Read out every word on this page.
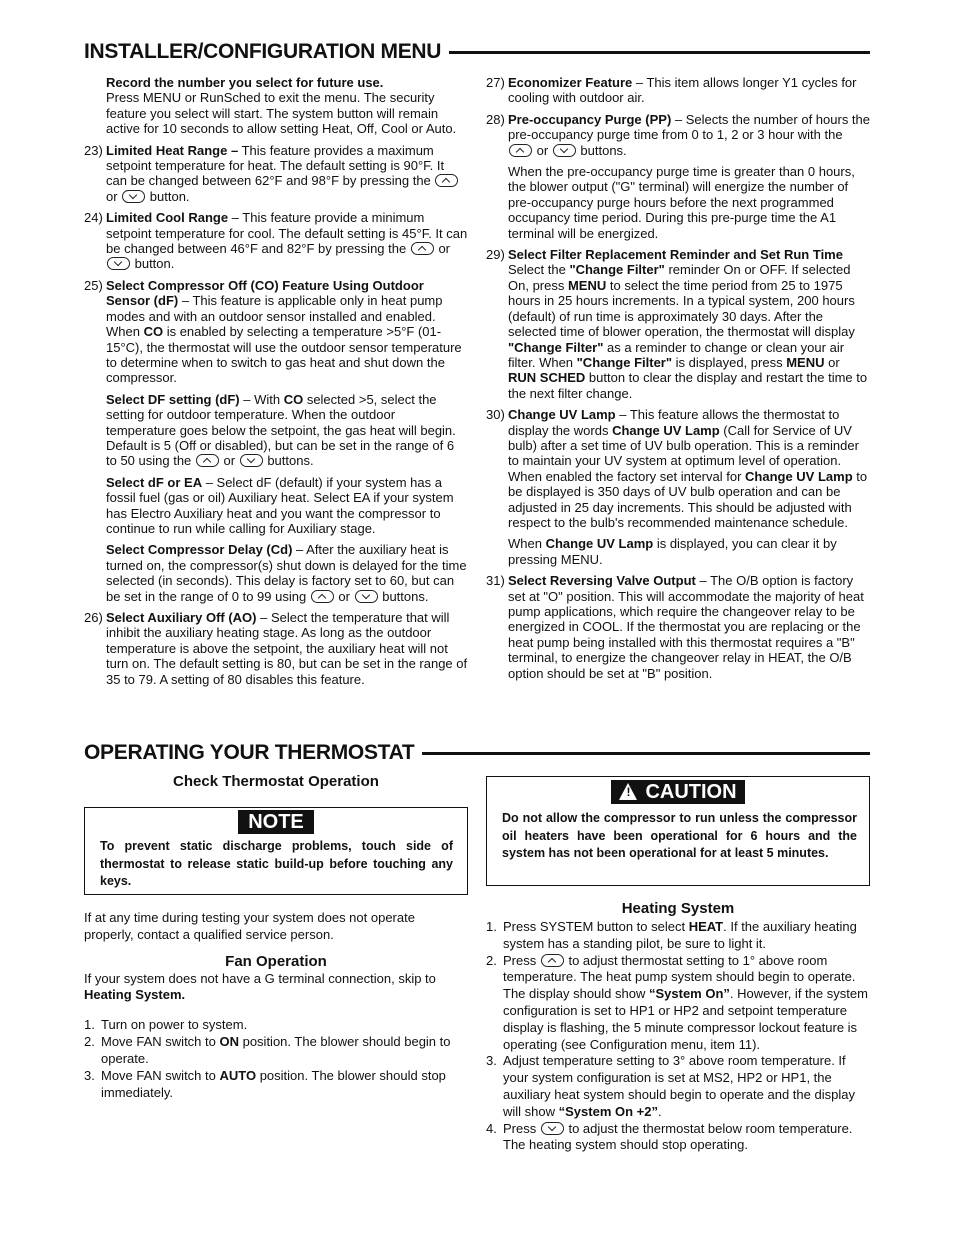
INSTALLER/CONFIGURATION MENU

Record the number you select for future use.

Press MENU or RunSched to exit the menu. The security feature you select will start. The system button will remain active for 10 seconds to allow setting Heat, Off, Cool or Auto.

23) Limited Heat Range – This feature provides a maximum setpoint temperature for heat. The default setting is 90°F. It can be changed between 62°F and 98°F by pressing the  or  button.

24) Limited Cool Range – This feature provide a minimum setpoint temperature for cool. The default setting is 45°F. It can be changed between 46°F and 82°F by pressing the  or  button.

25) Select Compressor Off (CO) Feature Using Outdoor Sensor (dF) – This feature is applicable only in heat pump modes and with an outdoor sensor installed and enabled. When CO is enabled by selecting a temperature >5°F (01-15°C), the thermostat will use the outdoor sensor temperature to determine when to switch to gas heat and shut down the compressor.

Select DF setting (dF) – With CO selected >5, select the setting for outdoor temperature. When the outdoor temperature goes below the setpoint, the gas heat will begin. Default is 5 (Off or disabled), but can be set in the range of 6 to 50 using the  or  buttons.

Select dF or EA – Select dF (default) if your system has a fossil fuel (gas or oil) Auxiliary heat. Select EA if your system has Electro Auxiliary heat and you want the compressor to continue to run while calling for Auxiliary stage.

Select Compressor Delay (Cd) – After the auxiliary heat is turned on, the compressor(s) shut down is delayed for the time selected (in seconds). This delay is factory set to 60, but can be set in the range of 0 to 99 using  or  buttons.

26) Select Auxiliary Off (AO) – Select the temperature that will inhibit the auxiliary heating stage. As long as the outdoor temperature is above the setpoint, the auxiliary heat will not turn on. The default setting is 80, but can be set in the range of 35 to 79. A setting of 80 disables this feature.

27) Economizer Feature – This item allows longer Y1 cycles for cooling with outdoor air.

28) Pre-occupancy Purge (PP) – Selects the number of hours the pre-occupancy purge time from 0 to 1, 2 or 3 hour with the  or  buttons.

When the pre-occupancy purge time is greater than 0 hours, the blower output ("G" terminal) will energize the number of pre-occupancy purge hours before the next programmed occupancy time period. During this pre-purge time the A1 terminal will be energized.

29) Select Filter Replacement Reminder and Set Run Time Select the "Change Filter" reminder On or OFF. If selected On, press MENU to select the time period from 25 to 1975 hours in 25 hours increments. In a typical system, 200 hours (default) of run time is approximately 30 days. After the selected time of blower operation, the thermostat will display "Change Filter" as a reminder to change or clean your air filter. When "Change Filter" is displayed, press MENU or RUN SCHED button to clear the display and restart the time to the next filter change.

30) Change UV Lamp – This feature allows the thermostat to display the words Change UV Lamp (Call for Service of UV bulb) after a set time of UV bulb operation. This is a reminder to maintain your UV system at optimum level of operation. When enabled the factory set interval for Change UV Lamp to be displayed is 350 days of UV bulb operation and can be adjusted in 25 day increments. This should be adjusted with respect to the bulb's recommended maintenance schedule.

When Change UV Lamp is displayed, you can clear it by pressing MENU.

31) Select Reversing Valve Output – The O/B option is factory set at "O" position. This will accommodate the majority of heat pump applications, which require the changeover relay to be energized in COOL. If the thermostat you are replacing or the heat pump being installed with this thermostat requires a "B" terminal, to energize the changeover relay in HEAT, the O/B option should be set at "B" position.

OPERATING YOUR THERMOSTAT
Check Thermostat Operation
NOTE
To prevent static discharge problems, touch side of thermostat to release static build-up before touching any keys.

If at any time during testing your system does not operate properly, contact a qualified service person.

Fan Operation

If your system does not have a G terminal connection, skip to Heating System.

1. Turn on power to system.
2. Move FAN switch to ON position. The blower should begin to operate.
3. Move FAN switch to AUTO position. The blower should stop immediately.
! CAUTION
Do not allow the compressor to run unless the compressor oil heaters have been operational for 6 hours and the system has not been operational for at least 5 minutes.
Heating System
1. Press SYSTEM button to select HEAT. If the auxiliary heating system has a standing pilot, be sure to light it.
2. Press  to adjust thermostat setting to 1° above room temperature. The heat pump system should begin to operate. The display should show “System On”. However, if the system configuration is set to HP1 or HP2 and setpoint temperature display is flashing, the 5 minute compressor lockout feature is operating (see Configuration menu, item 11).
3. Adjust temperature setting to 3° above room temperature. If your system configuration is set at MS2, HP2 or HP1, the auxiliary heat system should begin to operate and the display will show “System On +2”.
4. Press  to adjust the thermostat below room temperature. The heating system should stop operating.
